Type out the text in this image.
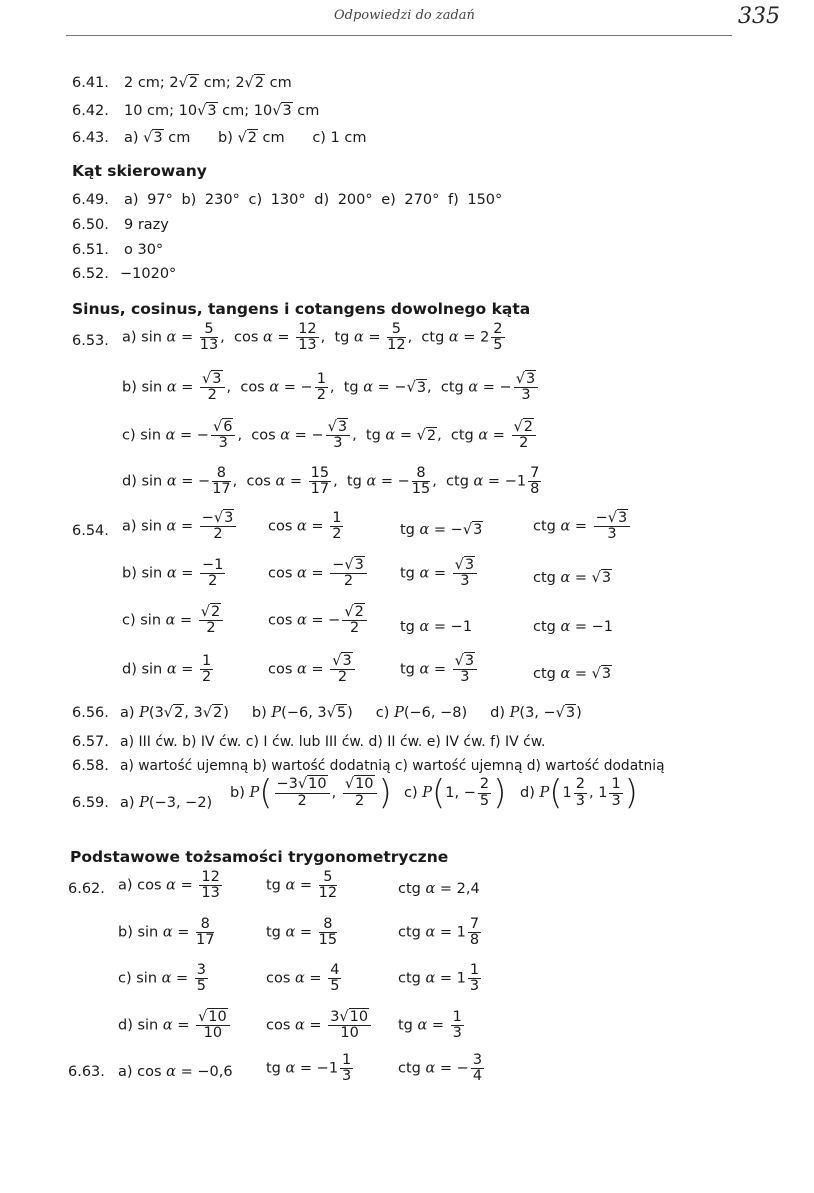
Odpowiedzi do zadań	335
6.41. 2 cm; 2√2 cm; 2√2 cm
6.42. 10 cm; 10√3 cm; 10√3 cm
6.43. a) √3 cm      b) √2 cm      c) 1 cm
Kąt skierowany
6.49. a) 97° b) 230° c) 130° d) 200° e) 270° f) 150°
6.50. 9 razy
6.51. o 30°
6.52. −1020°
Sinus, cosinus, tangens i cotangens dowolnego kąta
6.53. a) $\sin \alpha = \frac{5}{13}$ ,  $\cos \alpha = \frac{12}{13}$ ,  tg $\alpha = \frac{5}{12}$ ,  ctg $\alpha = 2 \frac{2}{5}$
b) $\sin \alpha = \frac{√3}{2}$ ,  cos α = − $\frac{1}{2}$ ,  tg α = −√3,  ctg α = − $\frac{√3}{3}$
c) sin α = − $\frac{√6}{3}$ ,  cos α = − $\frac{√3}{3}$ ,  tg α = √2,  ctg $\alpha = \frac{√2}{2}$
d) sin α = − $\frac{8}{17}$ ,  $\cos \alpha = \frac{15}{17}$ ,  tg α = − $\frac{8}{15}$ ,  ctg $\alpha = -1 \frac{7}{8}$
6.54. a) $\sin \alpha = \frac{-√3}{2}$ $\cos \alpha = \frac{1}{2}$	tg α = −√3	ctg $\alpha = \frac{-√3}{3}$
b) $\sin \alpha = \frac{-1}{2}$	$\cos \alpha = \frac{-√3}{2}$ tg $\alpha = \frac{√3}{3}$	ctg α = √3
c) $\sin \alpha = \frac{√2}{2}$	cos α = − $\frac{√2}{2}$ tg α = −1	ctg α = −1
d) $\sin \alpha = \frac{1}{2}$	$\cos \alpha = \frac{√3}{2}$	tg $\alpha = \frac{√3}{3}$	ctg α = √3
6.56. a) P(3√2, 3√2)     b) P(−6, 3√5)     c) P(−6, −8)     d) P(3, −√3)
6.57. a) III ćw. b) IV ćw. c) I ćw. lub III ćw. d) II ćw. e) IV ćw. f) IV ćw.
6.58. a) wartość ujemną b) wartość dodatnią c) wartość ujemną d) wartość dodatnią
6.59. a) P(−3, −2)
b) $P( \frac{-3√10}{2}$ , $\frac{√10}{2}$ ) c) P(1, − $\frac{2}{5}$ ) d) $P(1 \frac{2}{3}$ , $1 \frac{1}{3}$ )
Podstawowe tożsamości trygonometryczne
6.62. a) $\cos \alpha = \frac{12}{13}$	tg $\alpha = \frac{5}{12}$	ctg α = 2,4
b) $\sin \alpha = \frac{8}{17}$	tg $\alpha = \frac{8}{15}$	ctg $\alpha = 1 \frac{7}{8}$
c) $\sin \alpha = \frac{3}{5}$	$\cos \alpha = \frac{4}{5}$	ctg $\alpha = 1 \frac{1}{3}$
d) $\sin \alpha = \frac{√10}{10}$	$\cos \alpha = \frac{3√10}{10}$ tg $\alpha = \frac{1}{3}$
6.63. a) cos α = −0,6 tg $\alpha = -1 \frac{1}{3}$	ctg α = − $\frac{3}{4}$
